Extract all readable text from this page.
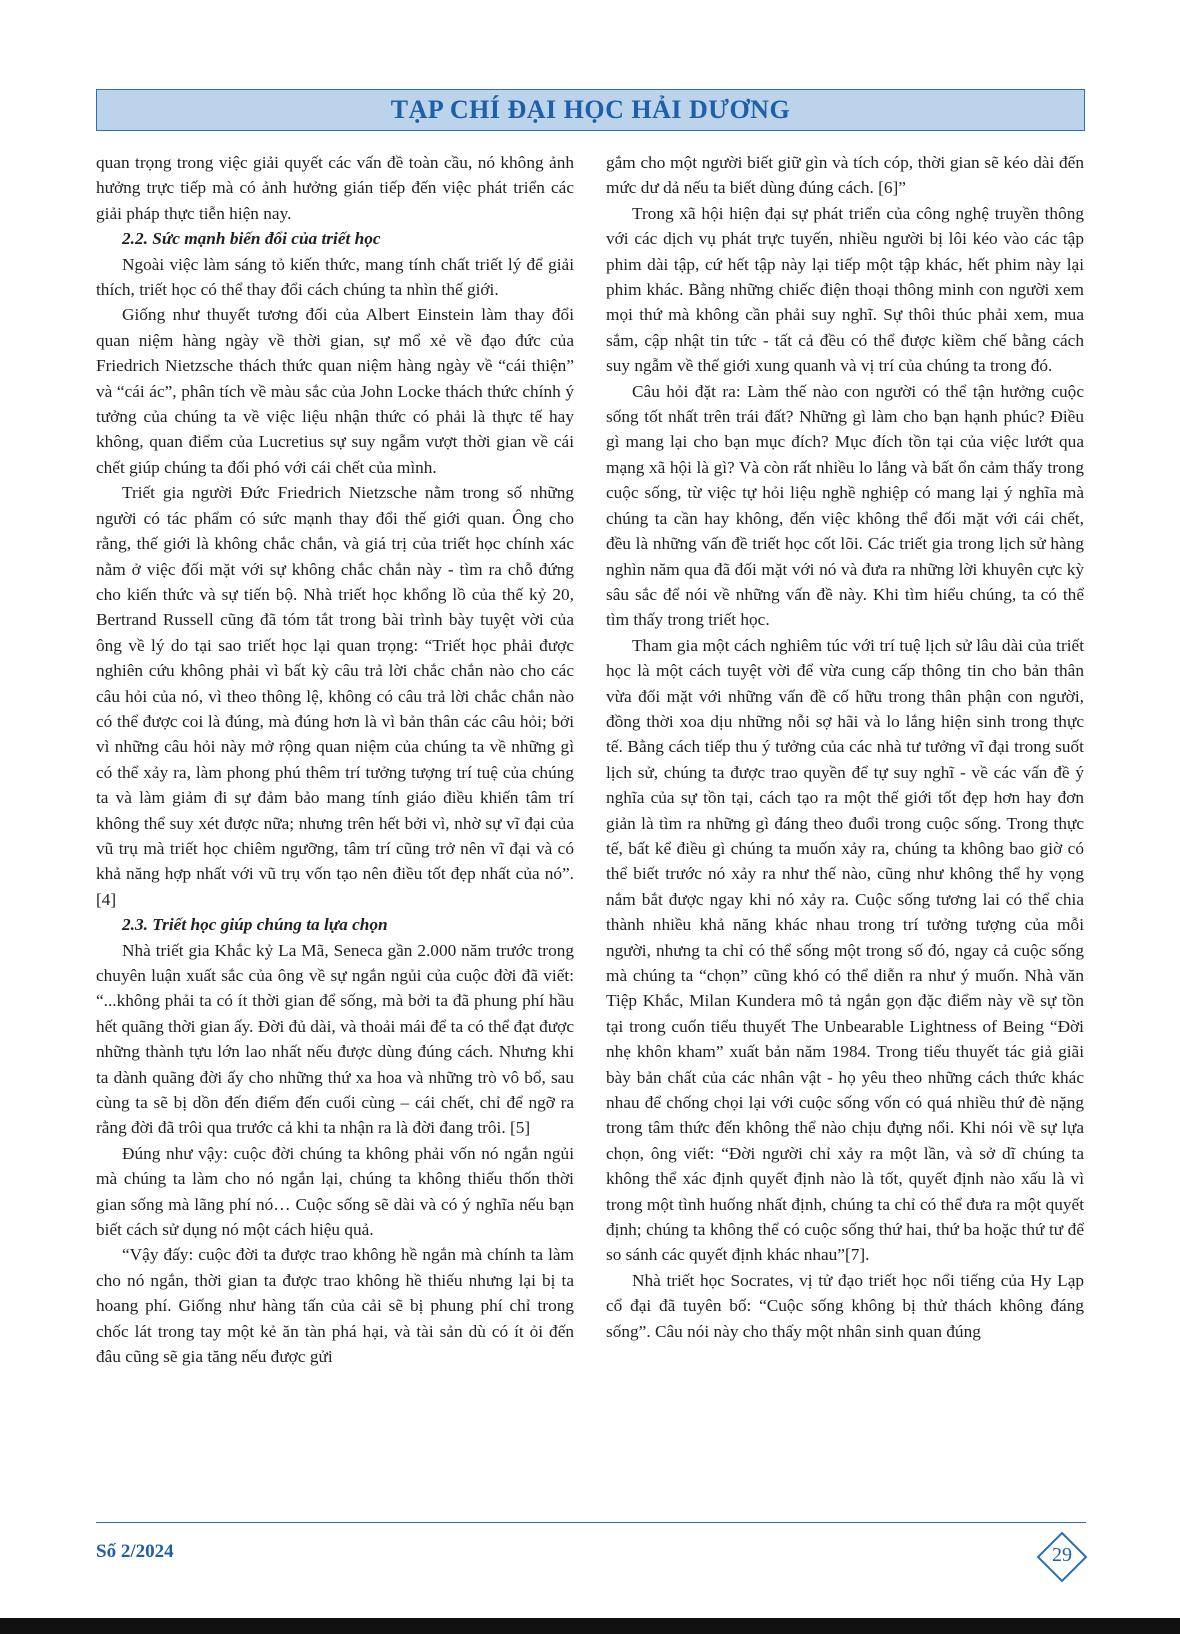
TẠP CHÍ ĐẠI HỌC HẢI DƯƠNG

quan trọng trong việc giải quyết các vấn đề toàn cầu, nó không ảnh hưởng trực tiếp mà có ảnh hưởng gián tiếp đến việc phát triển các giải pháp thực tiễn hiện nay.

2.2. Sức mạnh biến đổi của triết học

Ngoài việc làm sáng tỏ kiến thức, mang tính chất triết lý để giải thích, triết học có thể thay đổi cách chúng ta nhìn thế giới.

Giống như thuyết tương đối của Albert Einstein làm thay đổi quan niệm hàng ngày về thời gian, sự mổ xẻ về đạo đức của Friedrich Nietzsche thách thức quan niệm hàng ngày về “cái thiện” và “cái ác”, phân tích về màu sắc của John Locke thách thức chính ý tưởng của chúng ta về việc liệu nhận thức có phải là thực tế hay không, quan điểm của Lucretius sự suy ngẫm vượt thời gian về cái chết giúp chúng ta đối phó với cái chết của mình.

Triết gia người Đức Friedrich Nietzsche nằm trong số những người có tác phẩm có sức mạnh thay đổi thế giới quan. Ông cho rằng, thế giới là không chắc chắn, và giá trị của triết học chính xác nằm ở việc đối mặt với sự không chắc chắn này - tìm ra chỗ đứng cho kiến thức và sự tiến bộ. Nhà triết học khổng lồ của thế kỷ 20, Bertrand Russell cũng đã tóm tắt trong bài trình bày tuyệt vời của ông về lý do tại sao triết học lại quan trọng: “Triết học phải được nghiên cứu không phải vì bất kỳ câu trả lời chắc chắn nào cho các câu hỏi của nó, vì theo thông lệ, không có câu trả lời chắc chắn nào có thể được coi là đúng, mà đúng hơn là vì bản thân các câu hỏi; bởi vì những câu hỏi này mở rộng quan niệm của chúng ta về những gì có thể xảy ra, làm phong phú thêm trí tưởng tượng trí tuệ của chúng ta và làm giảm đi sự đảm bảo mang tính giáo điều khiến tâm trí không thể suy xét được nữa; nhưng trên hết bởi vì, nhờ sự vĩ đại của vũ trụ mà triết học chiêm ngưỡng, tâm trí cũng trở nên vĩ đại và có khả năng hợp nhất với vũ trụ vốn tạo nên điều tốt đẹp nhất của nó”.[4]

2.3. Triết học giúp chúng ta lựa chọn

Nhà triết gia Khắc kỷ La Mã, Seneca gần 2.000 năm trước trong chuyên luận xuất sắc của ông về sự ngắn ngủi của cuộc đời đã viết: “...không phải ta có ít thời gian để sống, mà bởi ta đã phung phí hầu hết quãng thời gian ấy. Đời đủ dài, và thoải mái để ta có thể đạt được những thành tựu lớn lao nhất nếu được dùng đúng cách. Nhưng khi ta dành quãng đời ấy cho những thứ xa hoa và những trò vô bổ, sau cùng ta sẽ bị dồn đến điểm đến cuối cùng – cái chết, chỉ để ngỡ ra rằng đời đã trôi qua trước cả khi ta nhận ra là đời đang trôi. [5]

Đúng như vậy: cuộc đời chúng ta không phải vốn nó ngắn ngủi mà chúng ta làm cho nó ngắn lại, chúng ta không thiếu thốn thời gian sống mà lãng phí nó… Cuộc sống sẽ dài và có ý nghĩa nếu bạn biết cách sử dụng nó một cách hiệu quả.

“Vậy đấy: cuộc đời ta được trao không hề ngắn mà chính ta làm cho nó ngắn, thời gian ta được trao không hề thiếu nhưng lại bị ta hoang phí. Giống như hàng tấn của cải sẽ bị phung phí chỉ trong chốc lát trong tay một kẻ ăn tàn phá hại, và tài sản dù có ít ỏi đến đâu cũng sẽ gia tăng nếu được gửi

gắm cho một người biết giữ gìn và tích cóp, thời gian sẽ kéo dài đến mức dư dả nếu ta biết dùng đúng cách. [6]”

Trong xã hội hiện đại sự phát triển của công nghệ truyền thông với các dịch vụ phát trực tuyến, nhiều người bị lôi kéo vào các tập phim dài tập, cứ hết tập này lại tiếp một tập khác, hết phim này lại phim khác. Bằng những chiếc điện thoại thông minh con người xem mọi thứ mà không cần phải suy nghĩ. Sự thôi thúc phải xem, mua sắm, cập nhật tin tức - tất cả đều có thể được kiềm chế bằng cách suy ngẫm về thế giới xung quanh và vị trí của chúng ta trong đó.

Câu hỏi đặt ra: Làm thế nào con người có thể tận hưởng cuộc sống tốt nhất trên trái đất? Những gì làm cho bạn hạnh phúc? Điều gì mang lại cho bạn mục đích? Mục đích tồn tại của việc lướt qua mạng xã hội là gì? Và còn rất nhiều lo lắng và bất ổn cảm thấy trong cuộc sống, từ việc tự hỏi liệu nghề nghiệp có mang lại ý nghĩa mà chúng ta cần hay không, đến việc không thể đối mặt với cái chết, đều là những vấn đề triết học cốt lõi. Các triết gia trong lịch sử hàng nghìn năm qua đã đối mặt với nó và đưa ra những lời khuyên cực kỳ sâu sắc để nói về những vấn đề này. Khi tìm hiểu chúng, ta có thể tìm thấy trong triết học.

Tham gia một cách nghiêm túc với trí tuệ lịch sử lâu dài của triết học là một cách tuyệt vời để vừa cung cấp thông tin cho bản thân vừa đối mặt với những vấn đề cố hữu trong thân phận con người, đồng thời xoa dịu những nỗi sợ hãi và lo lắng hiện sinh trong thực tế. Bằng cách tiếp thu ý tưởng của các nhà tư tưởng vĩ đại trong suốt lịch sử, chúng ta được trao quyền để tự suy nghĩ - về các vấn đề ý nghĩa của sự tồn tại, cách tạo ra một thế giới tốt đẹp hơn hay đơn giản là tìm ra những gì đáng theo đuổi trong cuộc sống. Trong thực tế, bất kể điều gì chúng ta muốn xảy ra, chúng ta không bao giờ có thể biết trước nó xảy ra như thế nào, cũng như không thể hy vọng nắm bắt được ngay khi nó xảy ra. Cuộc sống tương lai có thể chia thành nhiều khả năng khác nhau trong trí tưởng tượng của mỗi người, nhưng ta chỉ có thể sống một trong số đó, ngay cả cuộc sống mà chúng ta “chọn” cũng khó có thể diễn ra như ý muốn. Nhà văn Tiệp Khắc, Milan Kundera mô tả ngắn gọn đặc điểm này về sự tồn tại trong cuốn tiểu thuyết The Unbearable Lightness of Being “Đời nhẹ khôn kham” xuất bản năm 1984. Trong tiểu thuyết tác giả giãi bày bản chất của các nhân vật - họ yêu theo những cách thức khác nhau để chống chọi lại với cuộc sống vốn có quá nhiều thứ đè nặng trong tâm thức đến không thể nào chịu đựng nổi. Khi nói về sự lựa chọn, ông viết: “Đời người chỉ xảy ra một lần, và sở dĩ chúng ta không thể xác định quyết định nào là tốt, quyết định nào xấu là vì trong một tình huống nhất định, chúng ta chỉ có thể đưa ra một quyết định; chúng ta không thể có cuộc sống thứ hai, thứ ba hoặc thứ tư để so sánh các quyết định khác nhau”[7].

Nhà triết học Socrates, vị tử đạo triết học nổi tiếng của Hy Lạp cổ đại đã tuyên bố: “Cuộc sống không bị thử thách không đáng sống”. Câu nói này cho thấy một nhân sinh quan đúng

Số 2/2024	29
